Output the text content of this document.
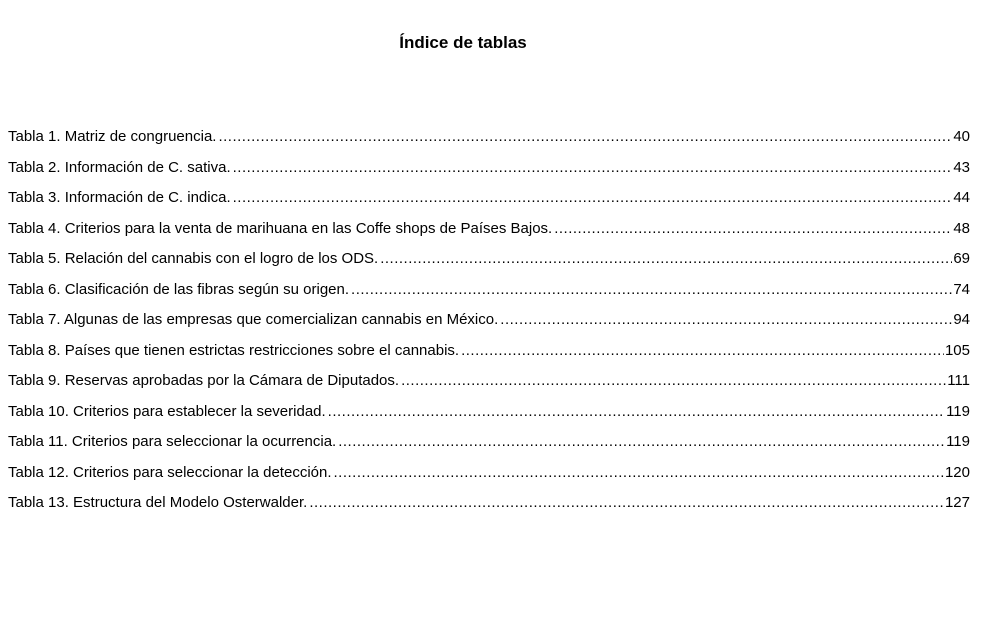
Índice de tablas
Tabla 1. Matriz de congruencia. .....	40
Tabla 2. Información de C. sativa. .....	43
Tabla 3. Información de C. indica. .....	44
Tabla 4. Criterios para la venta de marihuana en las Coffe shops de Países Bajos. .....	48
Tabla 5. Relación del cannabis con el logro de los ODS. .....	69
Tabla 6. Clasificación de las fibras según su origen. .....	74
Tabla 7. Algunas de las empresas que comercializan cannabis en México. .....	94
Tabla 8. Países que tienen estrictas restricciones sobre el cannabis. .....	105
Tabla 9. Reservas aprobadas por la Cámara de Diputados. .....	111
Tabla 10. Criterios para establecer la severidad. .....	119
Tabla 11. Criterios para seleccionar la ocurrencia. .....	119
Tabla 12. Criterios para seleccionar la detección. .....	120
Tabla 13. Estructura del Modelo Osterwalder. .....	127
